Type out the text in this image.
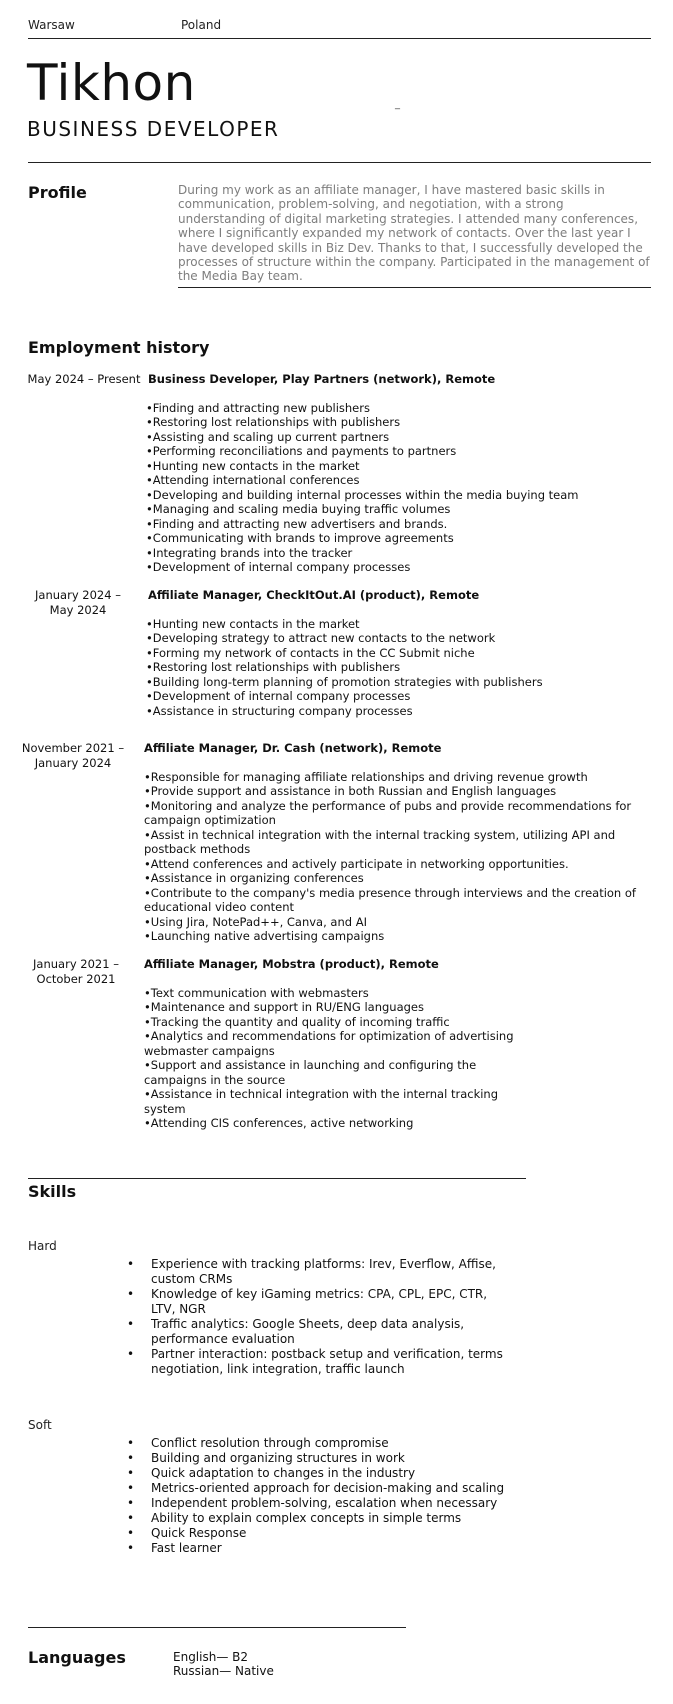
Warsaw	Poland
Tikhon
BUSINESS DEVELOPER
_
Profile	During my work as an affiliate manager, I have mastered basic skills in communication, problem-solving, and negotiation, with a strong understanding of digital marketing strategies. I attended many conferences, where I significantly expanded my network of contacts. Over the last year I have developed skills in Biz Dev. Thanks to that, I successfully developed the processes of structure within the company. Participated in the management of the Media Bay team.
Employment history
May 2024 – Present Business Developer, Play Partners (network), Remote
• Finding and attracting new publishers
• Restoring lost relationships with publishers
• Assisting and scaling up current partners
• Performing reconciliations and payments to partners
• Hunting new contacts in the market
• Attending international conferences
• Developing and building internal processes within the media buying team
• Managing and scaling media buying traffic volumes
• Finding and attracting new advertisers and brands.
• Communicating with brands to improve agreements
• Integrating brands into the tracker
• Development of internal company processes
January 2024 – May 2024
Affiliate Manager, CheckItOut.AI (product), Remote
• Hunting new contacts in the market
• Developing strategy to attract new contacts to the network
• Forming my network of contacts in the CC Submit niche
• Restoring lost relationships with publishers
• Building long-term planning of promotion strategies with publishers
• Development of internal company processes
• Assistance in structuring company processes
November 2021 – January 2024
Affiliate Manager, Dr. Cash (network), Remote
• Responsible for managing affiliate relationships and driving revenue growth
• Provide support and assistance in both Russian and English languages
• Monitoring and analyze the performance of pubs and provide recommendations for campaign optimization
• Assist in technical integration with the internal tracking system, utilizing API and postback methods
• Attend conferences and actively participate in networking opportunities.
• Assistance in organizing conferences
• Contribute to the company's media presence through interviews and the creation of educational video content
• Using Jira, NotePad++, Canva, and AI
• Launching native advertising campaigns
January 2021 – October 2021
Affiliate Manager, Mobstra (product), Remote
• Text communication with webmasters
• Maintenance and support in RU/ENG languages
• Tracking the quantity and quality of incoming traffic
• Analytics and recommendations for optimization of advertising webmaster campaigns
• Support and assistance in launching and configuring the campaigns in the source
• Assistance in technical integration with the internal tracking system
• Attending CIS conferences, active networking
Skills
Hard
• Experience with tracking platforms: Irev, Everflow, Affise, custom CRMs
• Knowledge of key iGaming metrics: CPA, CPL, EPC, CTR, LTV, NGR
• Traffic analytics: Google Sheets, deep data analysis, performance evaluation
• Partner interaction: postback setup and verification, terms negotiation, link integration, traffic launch
Soft
• Conflict resolution through compromise
• Building and organizing structures in work
• Quick adaptation to changes in the industry
• Metrics-oriented approach for decision-making and scaling
• Independent problem-solving, escalation when necessary
• Ability to explain complex concepts in simple terms
• Quick Response
• Fast learner
Languages	English— B2
Russian— Native
